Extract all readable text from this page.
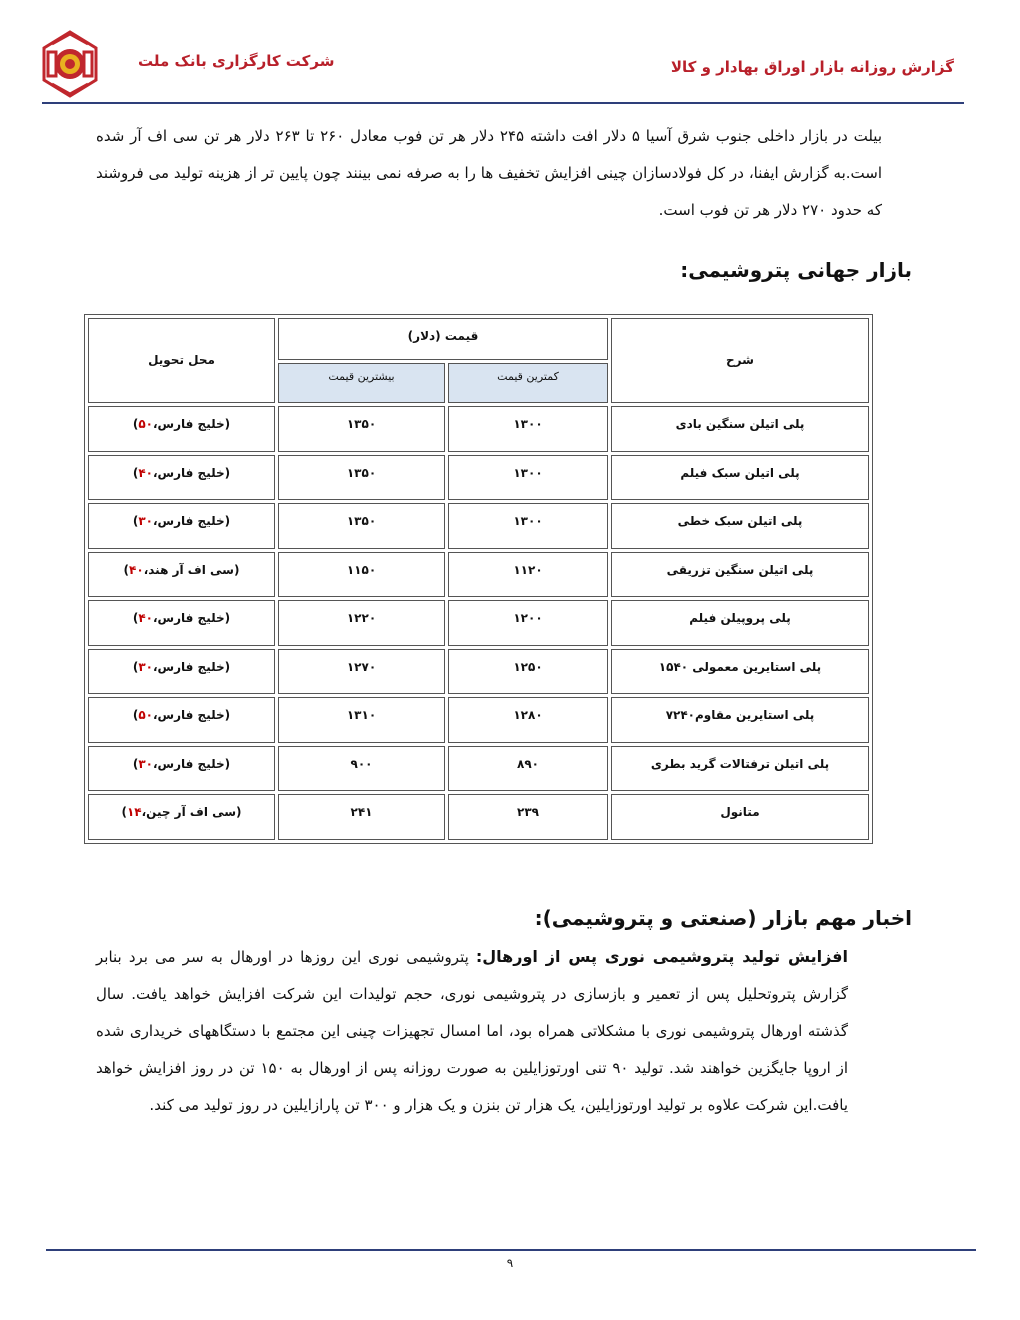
شرکت کارگزاری بانک ملت	گزارش روزانه بازار اوراق بهادار و کالا
بیلت در بازار داخلی جنوب شرق آسیا ۵ دلار افت داشته ۲۴۵ دلار هر تن فوب معادل ۲۶۰ تا ۲۶۳ دلار هر تن سی اف آر شده است.به گزارش ایفنا، در کل فولادسازان چینی افزایش تخفیف ها را به صرفه نمی بینند چون پایین تر از هزینه تولید می فروشند که حدود ۲۷۰ دلار هر تن فوب است.
بازار جهانی پتروشیمی:
شرح	قیمت (دلار)		محل تحویل
	کمترین قیمت	بیشترین قیمت	
پلی اتیلن سنگین بادی	۱۳۰۰	۱۳۵۰	(خلیج فارس،۵۰)
پلی اتیلن سبک فیلم	۱۳۰۰	۱۳۵۰	(خلیج فارس،۴۰)
پلی اتیلن سبک خطی	۱۳۰۰	۱۳۵۰	(خلیج فارس،۳۰)
پلی اتیلن سنگین تزریقی	۱۱۲۰	۱۱۵۰	(سی اف آر هند،۴۰)
پلی پروپیلن فیلم	۱۲۰۰	۱۲۲۰	(خلیج فارس،۴۰)
پلی استایرین معمولی ۱۵۴۰	۱۲۵۰	۱۲۷۰	(خلیج فارس،۳۰)
پلی استایرین مقاوم۷۲۴۰	۱۲۸۰	۱۳۱۰	(خلیج فارس،۵۰)
پلی اتیلن ترفتالات گرید بطری	۸۹۰	۹۰۰	(خلیج فارس،۳۰)
متانول	۲۳۹	۲۴۱	(سی اف آر چین،۱۴)
اخبار مهم بازار (صنعتی و پتروشیمی):
افزایش تولید پتروشیمی نوری پس از اورهال: پتروشیمی نوری این روزها در اورهال به سر می برد بنابر گزارش پتروتحلیل پس از تعمیر و بازسازی در پتروشیمی نوری، حجم تولیدات این شرکت افزایش خواهد یافت. سال گذشته اورهال پتروشیمی نوری با مشکلاتی همراه بود، اما امسال تجهیزات چینی این مجتمع با دستگاههای خریداری شده از اروپا جایگزین خواهند شد. تولید ۹۰ تنی اورتوزایلین به صورت روزانه پس از اورهال به ۱۵۰ تن در روز افزایش خواهد یافت.این شرکت علاوه بر تولید اورتوزایلین، یک هزار تن بنزن و یک هزار و ۳۰۰ تن پارازایلین در روز تولید می کند.
۹
